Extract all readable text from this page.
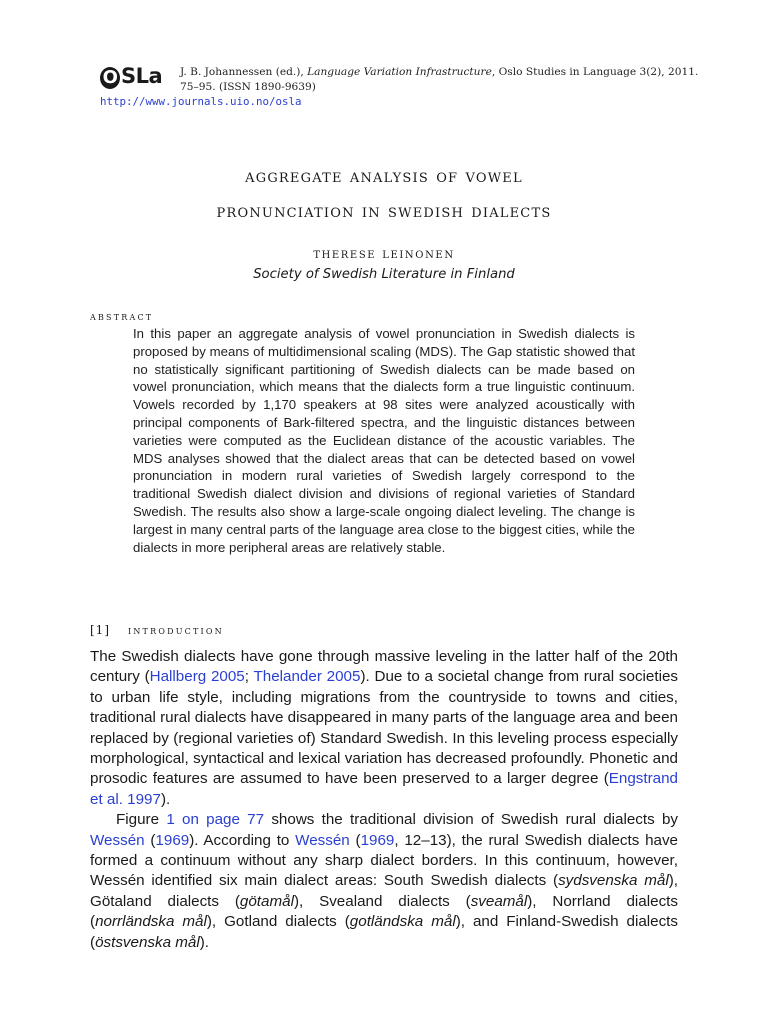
O SLa J. B. Johannessen (ed.), Language Variation Infrastructure, Oslo Studies in Language 3(2), 2011. 75–95. (ISSN 1890-9639)
http://www.journals.uio.no/osla
aggregate analysis of vowel
pronunciation in swedish dialects
therese leinonen
Society of Swedish Literature in Finland
abstract

In this paper an aggregate analysis of vowel pronunciation in Swedish dialects is proposed by means of multidimensional scaling (MDS). The Gap statistic showed that no statistically significant partitioning of Swedish dialects can be made based on vowel pronunciation, which means that the dialects form a true linguistic continuum. Vowels recorded by 1,170 speakers at 98 sites were analyzed acoustically with principal components of Bark-filtered spectra, and the linguistic distances between varieties were computed as the Euclidean distance of the acoustic variables. The MDS analyses showed that the dialect areas that can be detected based on vowel pronunciation in modern rural varieties of Swedish largely correspond to the traditional Swedish dialect division and divisions of regional varieties of Standard Swedish. The results also show a large-scale ongoing dialect leveling. The change is largest in many central parts of the language area close to the biggest cities, while the dialects in more peripheral areas are relatively stable.

[1] introduction

The Swedish dialects have gone through massive leveling in the latter half of the 20th century (Hallberg 2005; Thelander 2005). Due to a societal change from rural societies to urban life style, including migrations from the countryside to towns and cities, traditional rural dialects have disappeared in many parts of the language area and been replaced by (regional varieties of) Standard Swedish. In this leveling process especially morphological, syntactical and lexical variation has decreased profoundly. Phonetic and prosodic features are assumed to have been preserved to a larger degree (Engstrand et al. 1997).

Figure 1 on page 77 shows the traditional division of Swedish rural dialects by Wessén (1969). According to Wessén (1969, 12–13), the rural Swedish dialects have formed a continuum without any sharp dialect borders. In this continuum, however, Wessén identified six main dialect areas: South Swedish dialects (sydsvenska mål), Götaland dialects (götamål), Svealand dialects (sveamål), Norrland dialects (norrländska mål), Gotland dialects (gotländska mål), and Finland-Swedish dialects (östsvenska mål).
